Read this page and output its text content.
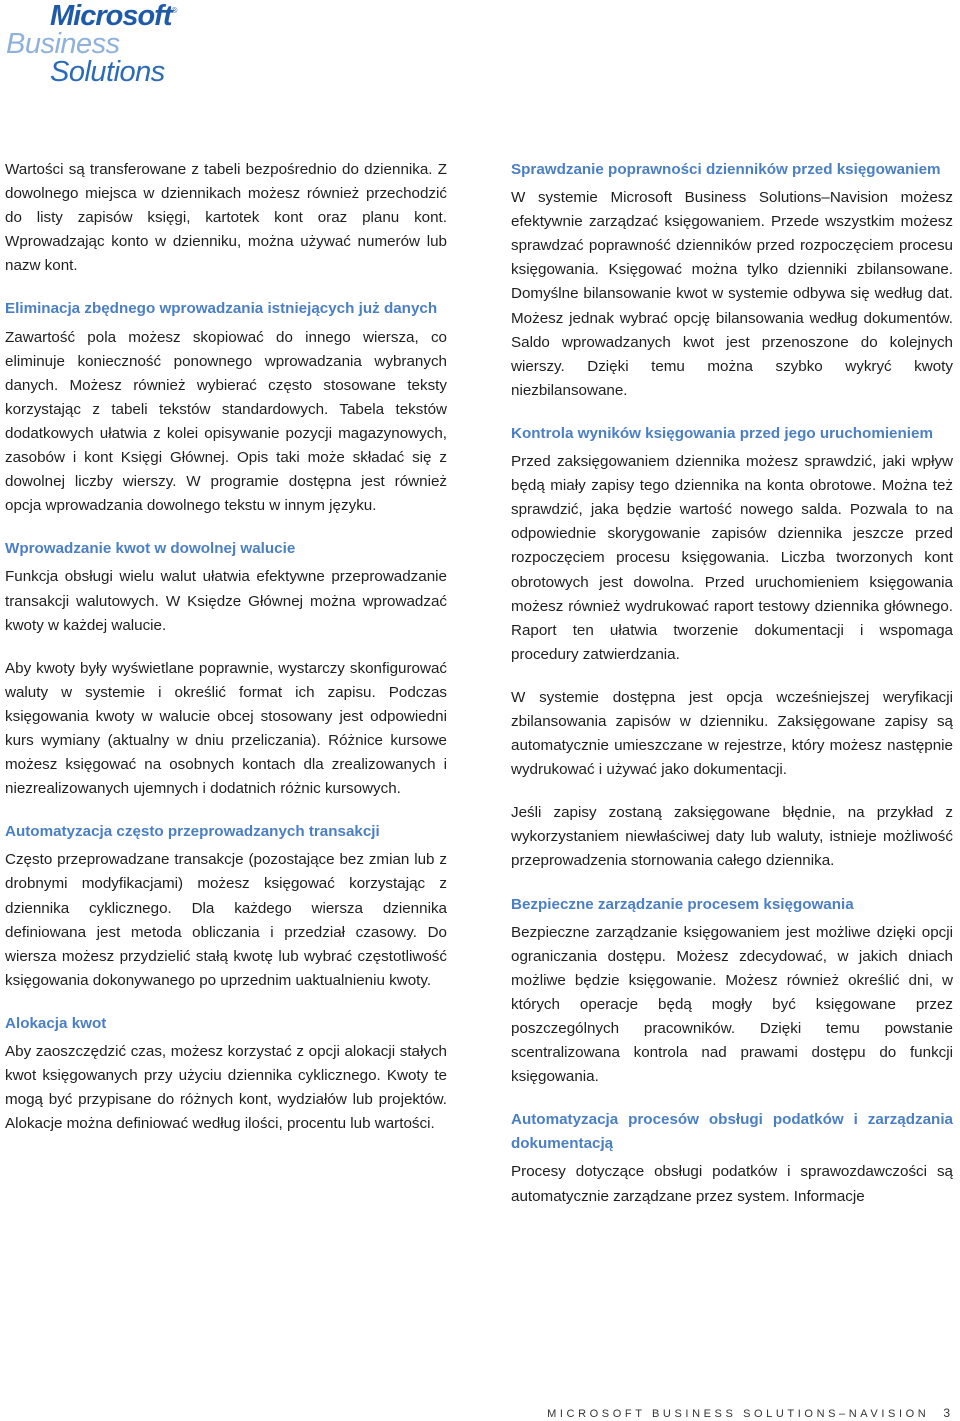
Microsoft®
Business
Solutions

Wartości są transferowane z tabeli bezpośrednio do dziennika. Z dowolnego miejsca w dziennikach możesz również przechodzić do listy zapisów księgi, kartotek kont oraz planu kont. Wprowadzając konto w dzienniku, można używać numerów lub nazw kont.

Eliminacja zbędnego wprowadzania istniejących już danych

Zawartość pola możesz skopiować do innego wiersza, co eliminuje konieczność ponownego wprowadzania wybranych danych. Możesz również wybierać często stosowane teksty korzystając z tabeli tekstów standardowych. Tabela tekstów dodatkowych ułatwia z kolei opisywanie pozycji magazynowych, zasobów i kont Księgi Głównej. Opis taki może składać się z dowolnej liczby wierszy. W programie dostępna jest również opcja wprowadzania dowolnego tekstu w innym języku.

Wprowadzanie kwot w dowolnej walucie

Funkcja obsługi wielu walut ułatwia efektywne przeprowadzanie transakcji walutowych. W Księdze Głównej można wprowadzać kwoty w każdej walucie.

Aby kwoty były wyświetlane poprawnie, wystarczy skonfigurować waluty w systemie i określić format ich zapisu. Podczas księgowania kwoty w walucie obcej stosowany jest odpowiedni kurs wymiany (aktualny w dniu przeliczania). Różnice kursowe możesz księgować na osobnych kontach dla zrealizowanych i niezrealizowanych ujemnych i dodatnich różnic kursowych.

Automatyzacja często przeprowadzanych transakcji

Często przeprowadzane transakcje (pozostające bez zmian lub z drobnymi modyfikacjami) możesz księgować korzystając z dziennika cyklicznego. Dla każdego wiersza dziennika definiowana jest metoda obliczania i przedział czasowy. Do wiersza możesz przydzielić stałą kwotę lub wybrać częstotliwość księgowania dokonywanego po uprzednim uaktualnieniu kwoty.

Alokacja kwot

Aby zaoszczędzić czas, możesz korzystać z opcji alokacji stałych kwot księgowanych przy użyciu dziennika cyklicznego. Kwoty te mogą być przypisane do różnych kont, wydziałów lub projektów. Alokacje można definiować według ilości, procentu lub wartości.

Sprawdzanie poprawności dzienników przed księgowaniem

W systemie Microsoft Business Solutions–Navision możesz efektywnie zarządzać księgowaniem. Przede wszystkim możesz sprawdzać poprawność dzienników przed rozpoczęciem procesu księgowania. Księgować można tylko dzienniki zbilansowane. Domyślne bilansowanie kwot w systemie odbywa się według dat. Możesz jednak wybrać opcję bilansowania według dokumentów. Saldo wprowadzanych kwot jest przenoszone do kolejnych wierszy. Dzięki temu można szybko wykryć kwoty niezbilansowane.

Kontrola wyników księgowania przed jego uruchomieniem

Przed zaksięgowaniem dziennika możesz sprawdzić, jaki wpływ będą miały zapisy tego dziennika na konta obrotowe. Można też sprawdzić, jaka będzie wartość nowego salda. Pozwala to na odpowiednie skorygowanie zapisów dziennika jeszcze przed rozpoczęciem procesu księgowania. Liczba tworzonych kont obrotowych jest dowolna. Przed uruchomieniem księgowania możesz również wydrukować raport testowy dziennika głównego. Raport ten ułatwia tworzenie dokumentacji i wspomaga procedury zatwierdzania.

W systemie dostępna jest opcja wcześniejszej weryfikacji zbilansowania zapisów w dzienniku. Zaksięgowane zapisy są automatycznie umieszczane w rejestrze, który możesz następnie wydrukować i używać jako dokumentacji.

Jeśli zapisy zostaną zaksięgowane błędnie, na przykład z wykorzystaniem niewłaściwej daty lub waluty, istnieje możliwość przeprowadzenia stornowania całego dziennika.

Bezpieczne zarządzanie procesem księgowania

Bezpieczne zarządzanie księgowaniem jest możliwe dzięki opcji ograniczania dostępu. Możesz zdecydować, w jakich dniach możliwe będzie księgowanie. Możesz również określić dni, w których operacje będą mogły być księgowane przez poszczególnych pracowników. Dzięki temu powstanie scentralizowana kontrola nad prawami dostępu do funkcji księgowania.

Automatyzacja procesów obsługi podatków i zarządzania dokumentacją

Procesy dotyczące obsługi podatków i sprawozdawczości są automatycznie zarządzane przez system. Informacje

MICROSOFT BUSINESS SOLUTIONS–NAVISION 3
